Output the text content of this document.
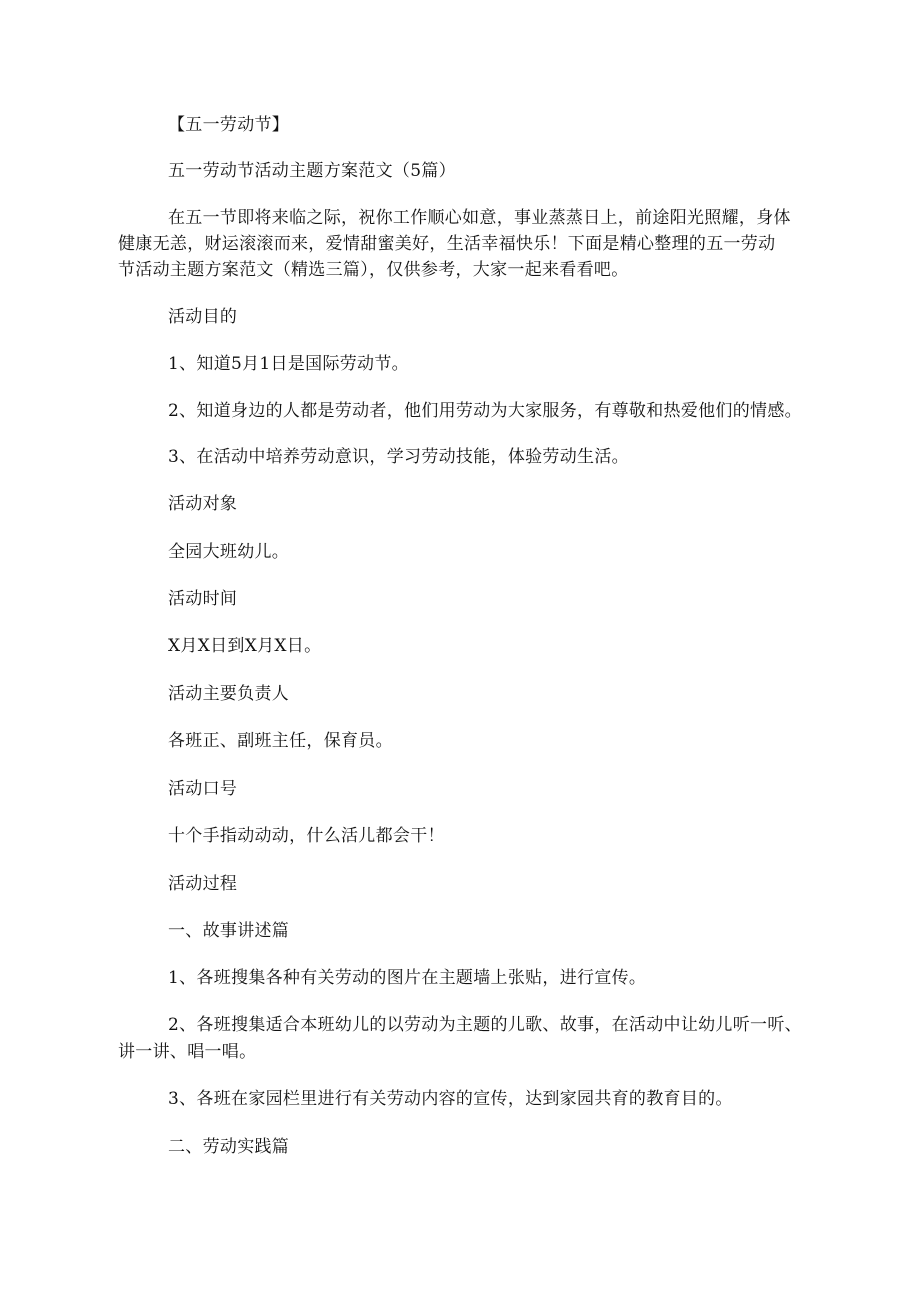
【五一劳动节】

五一劳动节活动主题方案范文（5篇）

在五一节即将来临之际，祝你工作顺心如意，事业蒸蒸日上，前途阳光照耀，身体

健康无恙，财运滚滚而来，爱情甜蜜美好，生活幸福快乐！下面是精心整理的五一劳动

节活动主题方案范文（精选三篇），仅供参考，大家一起来看看吧。

活动目的

1、知道5月1日是国际劳动节。

2、知道身边的人都是劳动者，他们用劳动为大家服务，有尊敬和热爱他们的情感。

3、在活动中培养劳动意识，学习劳动技能，体验劳动生活。

活动对象

全园大班幼儿。

活动时间

X月X日到X月X日。

活动主要负责人

各班正、副班主任，保育员。

活动口号

十个手指动动动，什么活儿都会干！

活动过程

一、故事讲述篇

1、各班搜集各种有关劳动的图片在主题墙上张贴，进行宣传。

2、各班搜集适合本班幼儿的以劳动为主题的儿歌、故事，在活动中让幼儿听一听、

讲一讲、唱一唱。

3、各班在家园栏里进行有关劳动内容的宣传，达到家园共育的教育目的。

二、劳动实践篇
